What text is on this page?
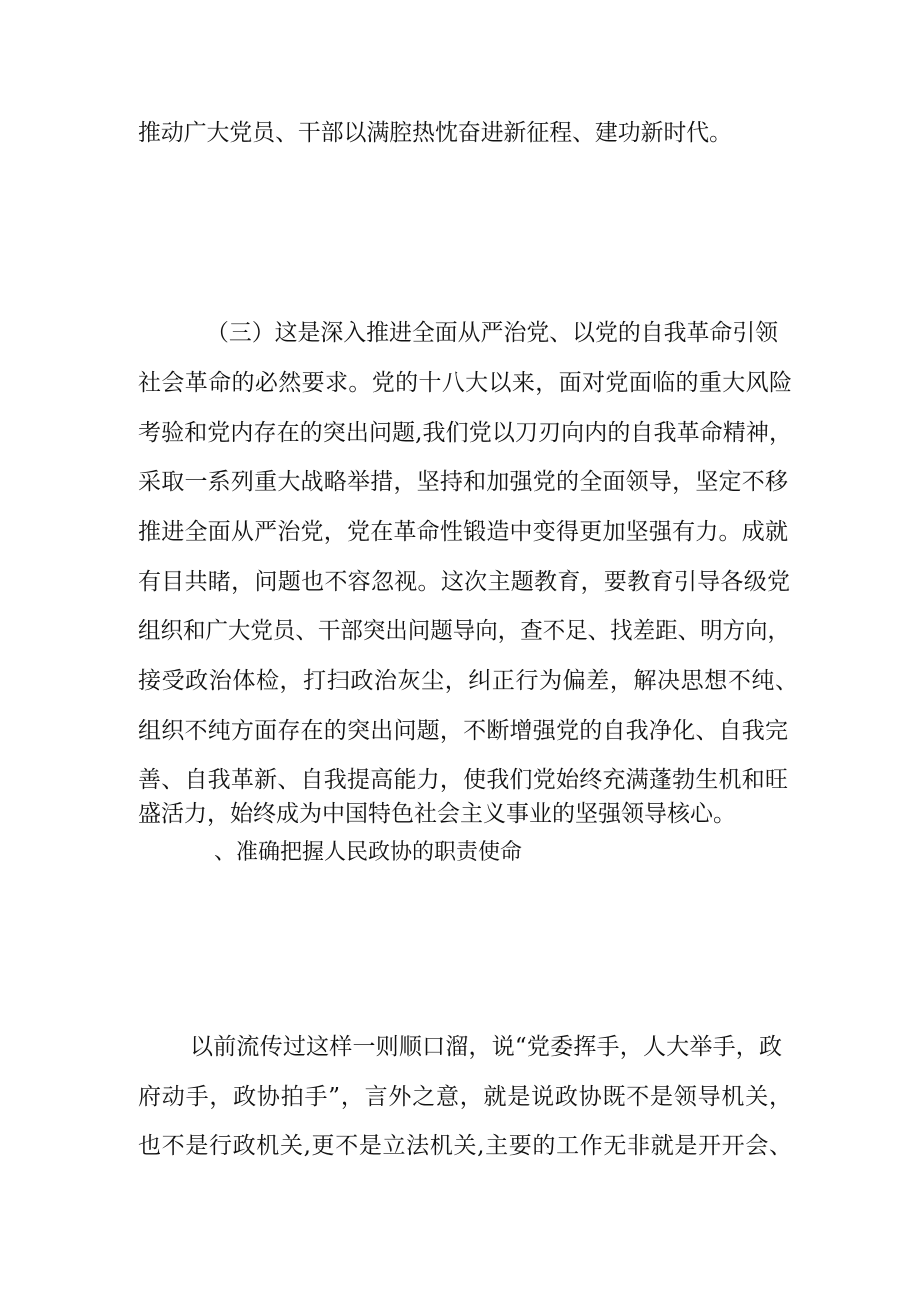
推动广大党员、干部以满腔热忱奋进新征程、建功新时代。
（三）这是深入推进全面从严治党、以党的自我革命引领
社会革命的必然要求。党的十八大以来，面对党面临的重大风险
考验和党内存在的突出问题,我们党以刀刃向内的自我革命精神，
采取一系列重大战略举措，坚持和加强党的全面领导，坚定不移
推进全面从严治党，党在革命性锻造中变得更加坚强有力。成就
有目共睹，问题也不容忽视。这次主题教育，要教育引导各级党
组织和广大党员、干部突出问题导向，查不足、找差距、明方向，
接受政治体检，打扫政治灰尘，纠正行为偏差，解决思想不纯、
组织不纯方面存在的突出问题，不断增强党的自我净化、自我完
善、自我革新、自我提高能力，使我们党始终充满蓬勃生机和旺
盛活力，始终成为中国特色社会主义事业的坚强领导核心。
、准确把握人民政协的职责使命
以前流传过这样一则顺口溜，说“党委挥手，人大举手，政
府动手，政协拍手”，言外之意，就是说政协既不是领导机关，
也不是行政机关,更不是立法机关,主要的工作无非就是开开会、
